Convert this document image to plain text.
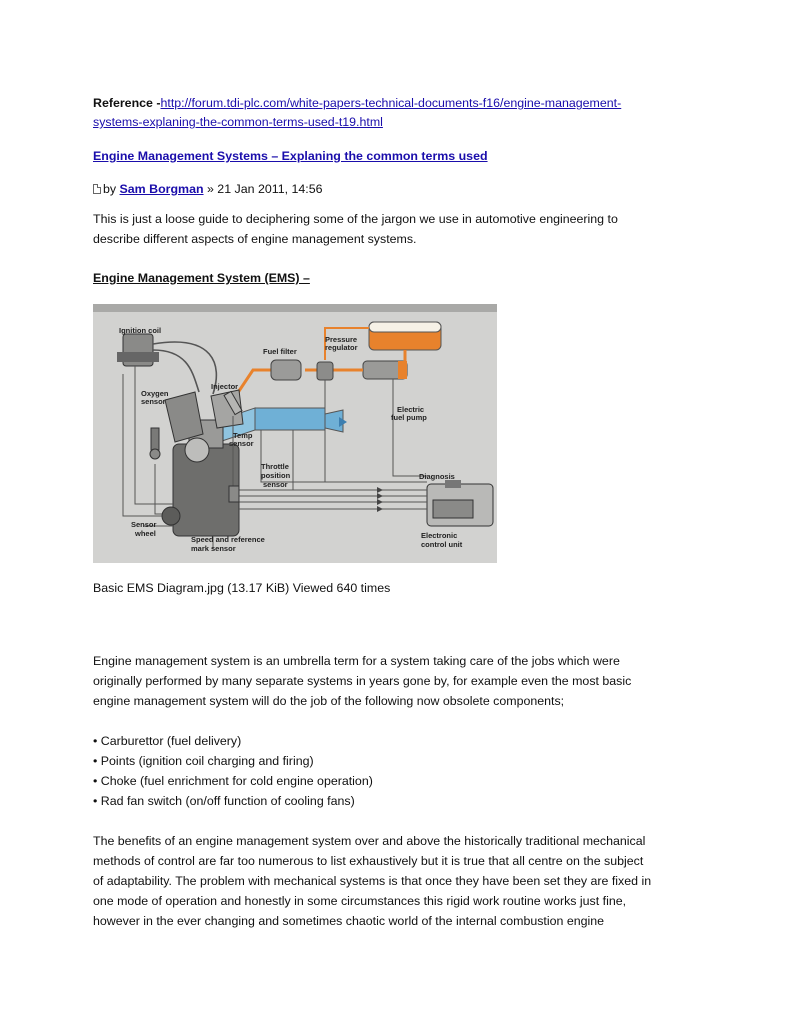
Reference -http://forum.tdi-plc.com/white-papers-technical-documents-f16/engine-management-
systems-explaning-the-common-terms-used-t19.html

Engine Management Systems – Explaning the common terms used

by Sam Borgman » 21 Jan 2011, 14:56

This is just a loose guide to deciphering some of the jargon we use in automotive engineering to

describe different aspects of engine management systems.

Engine Management System (EMS) –

Ignition coil
Fuel filter
Pressure
regulator
Injector
Oxygen
sensor
Electric
fuel pump
Temp
sensor
Throttle
position
sensor
Diagnosis
Sensor
wheel
Speed and reference
mark sensor
Electronic
control unit

Basic EMS Diagram.jpg (13.17 KiB) Viewed 640 times

Engine management system is an umbrella term for a system taking care of the jobs which were

originally performed by many separate systems in years gone by, for example even the most basic

engine management system will do the job of the following now obsolete components;

• Carburettor (fuel delivery)

• Points (ignition coil charging and firing)

• Choke (fuel enrichment for cold engine operation)

• Rad fan switch (on/off function of cooling fans)

The benefits of an engine management system over and above the historically traditional mechanical

methods of control are far too numerous to list exhaustively but it is true that all centre on the subject

of adaptability. The problem with mechanical systems is that once they have been set they are fixed in

one mode of operation and honestly in some circumstances this rigid work routine works just fine,

however in the ever changing and sometimes chaotic world of the internal combustion engine
